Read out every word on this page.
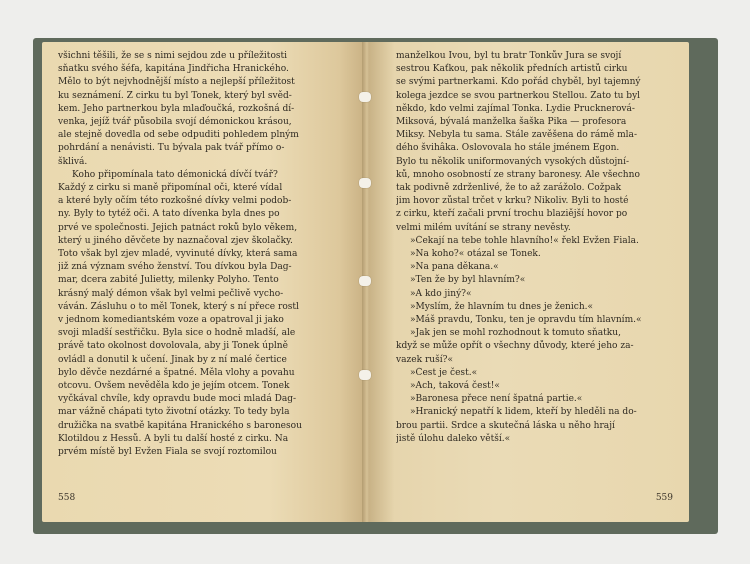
všichni těšili, že se s nimi sejdou zde u příležitosti
sňatku svého šéfa, kapitána Jindřicha Hranického.
Mělo to být nejvhodnější místo a nejlepší příležitost
ku seznámení. Z cirku tu byl Tonek, který byl svěd-
kem. Jeho partnerkou byla mlaďoučká, rozkošná dí-
venka, jejíž tvář působila svojí démonickou krásou,
ale stejně dovedla od sebe odpuditi pohledem plným
pohrdání a nenávisti. Tu bývala pak tvář přímo o-
šklivá.
Koho připomínala tato démonická dívčí tvář?
Každý z cirku si maně připomínal oči, které vídal
a které byly očím této rozkošné dívky velmi podob-
ny. Byly to tytéž oči. A tato dívenka byla dnes po
prvé ve společnosti. Jejich patnáct roků bylo věkem,
který u jiného děvčete by naznačoval zjev školačky.
Toto však byl zjev mladé, vyvinuté dívky, která sama
již zná význam svého ženství. Tou dívkou byla Dag-
mar, dcera zabité Julietty, milenky Polyho. Tento
krásný malý démon však byl velmi pečlivě vycho-
váván. Zásluhu o to měl Tonek, který s ní přece rostl
v jednom komediantském voze a opatroval ji jako
svoji mladší sestřičku. Byla sice o hodně mladší, ale
právě tato okolnost dovolovala, aby ji Tonek úplně
ovládl a donutil k učení. Jinak by z ní malé čertice
bylo děvče nezdárné a špatné. Měla vlohy a povahu
otcovu. Ovšem nevěděla kdo je jejím otcem. Tonek
vyčkával chvíle, kdy opravdu bude moci mladá Dag-
mar vážně chápati tyto životní otázky. To tedy byla
družička na svatbě kapitána Hranického s baronesou
Klotildou z Hessů. A byli tu další hosté z cirku. Na
prvém místě byl Evžen Fiala se svojí roztomilou
558
manželkou Ivou, byl tu bratr Tonkův Jura se svojí
sestrou Kaťkou, pak několik předních artistů cirku
se svými partnerkami. Kdo pořád chyběl, byl tajemný
kolega jezdce se svou partnerkou Stellou. Zato tu byl
někdo, kdo velmi zajímal Tonka. Lydie Prucknerová-
Miksová, bývalá manželka šaška Pika — profesora
Miksy. Nebyla tu sama. Stále zavěšena do rámě mla-
dého švihâka. Oslovovala ho stále jménem Egon.
Bylo tu několik uniformovaných vysokých důstojní-
ků, mnoho osobností ze strany baronesy. Ale všechno
tak podivně zdrženlivé, že to až zarážolo. Cožpak
jim hovor zůstal trčet v krku? Nikoliv. Byli to hosté
z cirku, kteří začali první trochu blaziější hovor po
velmi milém uvítání se strany nevěsty.
»Čekají na tebe tohle hlavního!« řekl Evžen Fiala.
»Na koho?« otázal se Tonek.
»Na pana děkana.«
»Ten že by byl hlavním?«
»A kdo jiný?«
»Myslím, že hlavním tu dnes je ženich.«
»Máš pravdu, Tonku, ten je opravdu tím hlavním.«
»Jak jen se mohl rozhodnout k tomuto sňatku,
když se může opřít o všechny důvody, které jeho za-
vazek ruší?«
»Čest je čest.«
»Ach, taková čest!«
»Baronesa přece není špatná partie.«
»Hranický nepatří k lidem, kteří by hleděli na do-
brou partii. Srdce a skutečná láska u něho hrají
jistě úlohu daleko větší.«
559
